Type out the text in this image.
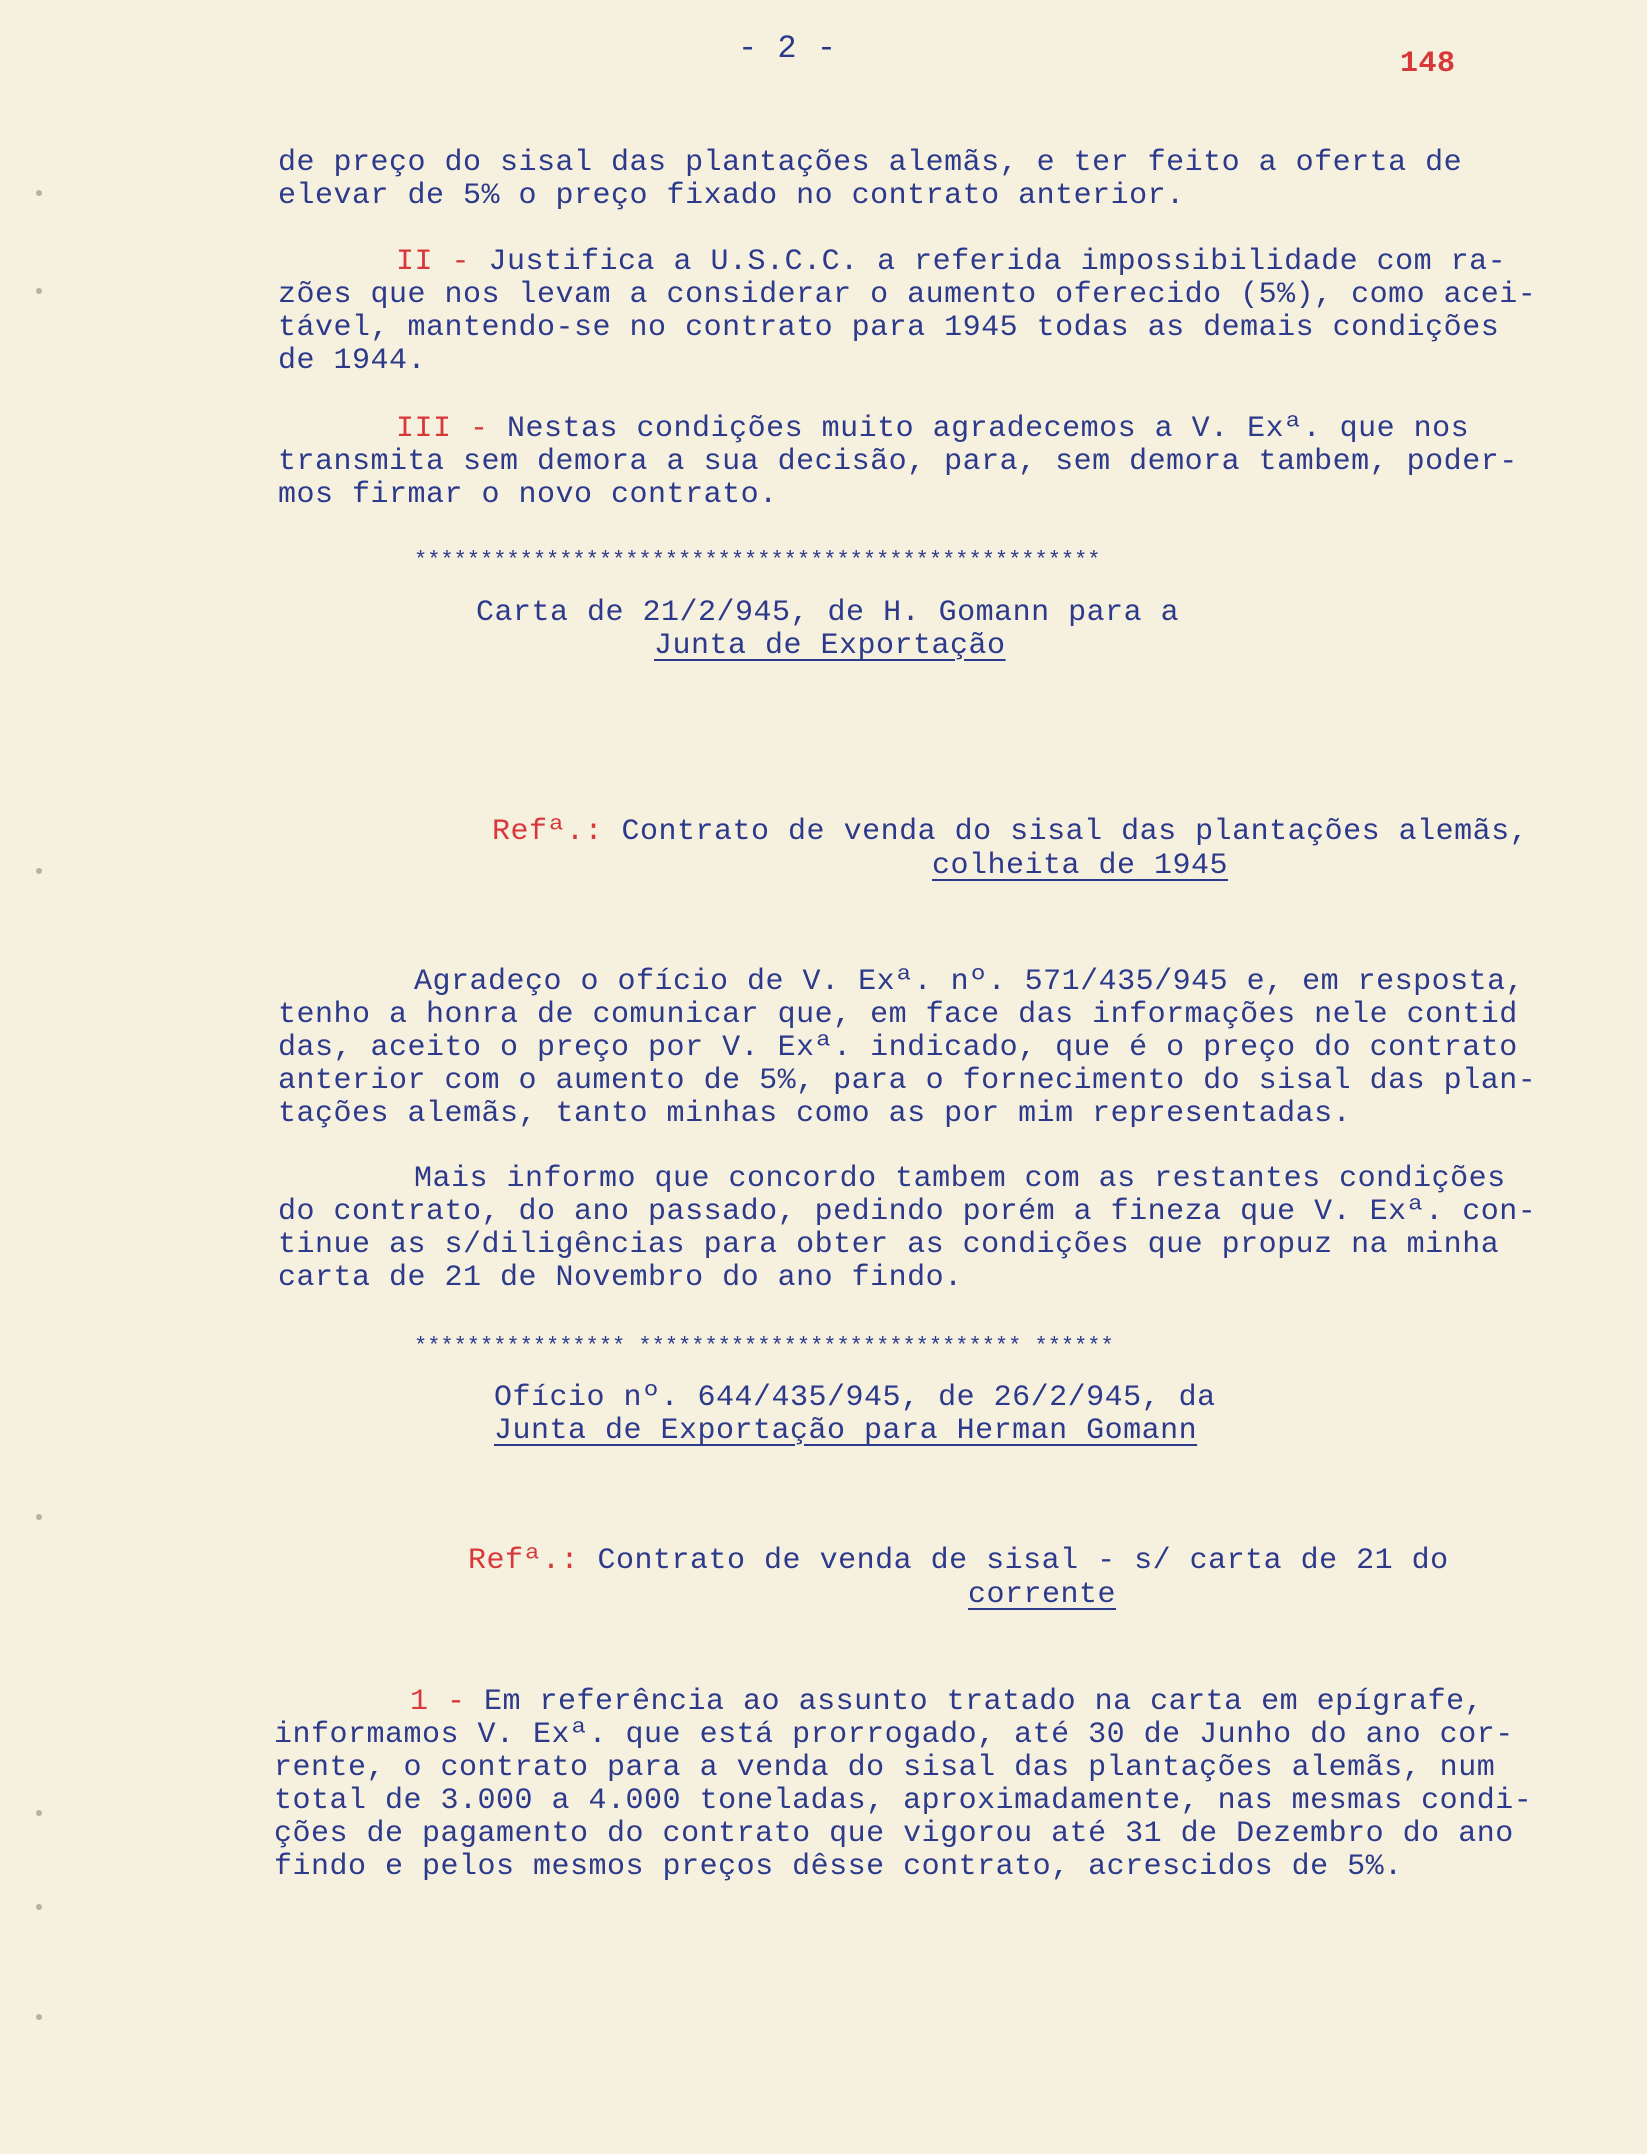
- 2 -	148
de preço do sisal das plantações alemãs, e ter feito a oferta de
elevar de 5% o preço fixado no contrato anterior.
II - Justifica a U.S.C.C. a referida impossibilidade com ra-
zões que nos levam a considerar o aumento oferecido (5%), como acei-
tável, mantendo-se no contrato para 1945 todas as demais condições
de 1944.
III - Nestas condições muito agradecemos a V. Exª. que nos
transmita sem demora a sua decisão, para, sem demora tambem, poder-
mos firmar o novo contrato.
****************************************************
Carta de 21/2/945, de H. Gomann para a
Junta de Exportação
Refª.: Contrato de venda do sisal das plantações alemãs,
colheita de 1945
Agradeço o ofício de V. Exª. nº. 571/435/945 e, em resposta,
tenho a honra de comunicar que, em face das informações nele contid
das, aceito o preço por V. Exª. indicado, que é o preço do contrato
anterior com o aumento de 5%, para o fornecimento do sisal das plan-
tações alemãs, tanto minhas como as por mim representadas.
Mais informo que concordo tambem com as restantes condições
do contrato, do ano passado, pedindo porém a fineza que V. Exª. con-
tinue as s/diligências para obter as condições que propuz na minha
carta de 21 de Novembro do ano findo.
**************** ***************************** ******
Ofício nº. 644/435/945, de 26/2/945, da
Junta de Exportação para Herman Gomann
Refª.: Contrato de venda de sisal - s/ carta de 21 do
corrente
1 - Em referência ao assunto tratado na carta em epígrafe,
informamos V. Exª. que está prorrogado, até 30 de Junho do ano cor-
rente, o contrato para a venda do sisal das plantações alemãs, num
total de 3.000 a 4.000 toneladas, aproximadamente, nas mesmas condi-
ções de pagamento do contrato que vigorou até 31 de Dezembro do ano
findo e pelos mesmos preços dêsse contrato, acrescidos de 5%.
